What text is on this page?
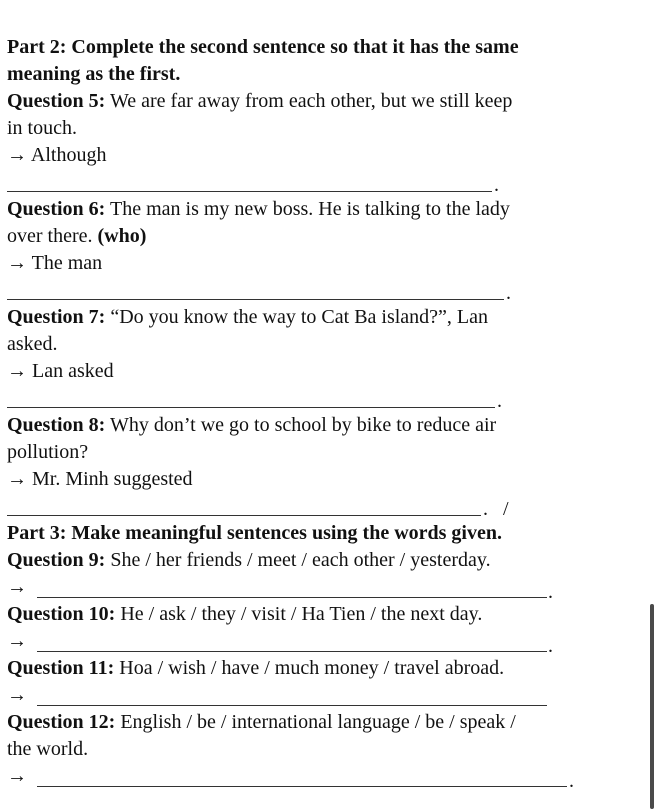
Part 2: Complete the second sentence so that it has the same
meaning as the first.
Question 5: We are far away from each other, but we still keep
in touch.
→ Although
.
Question 6: The man is my new boss. He is talking to the lady
over there. (who)
→ The man
.
Question 7: “Do you know the way to Cat Ba island?”, Lan
asked.
→ Lan asked
.
Question 8: Why don’t we go to school by bike to reduce air
pollution?
→ Mr. Minh suggested
.   /
Part 3: Make meaningful sentences using the words given.
Question 9: She / her friends / meet / each other / yesterday.
→	.
Question 10: He / ask / they / visit / Ha Tien / the next day.
→	.
Question 11: Hoa / wish / have / much money / travel abroad.
→
Question 12: English / be / international language / be / speak /
the world.
→	.
